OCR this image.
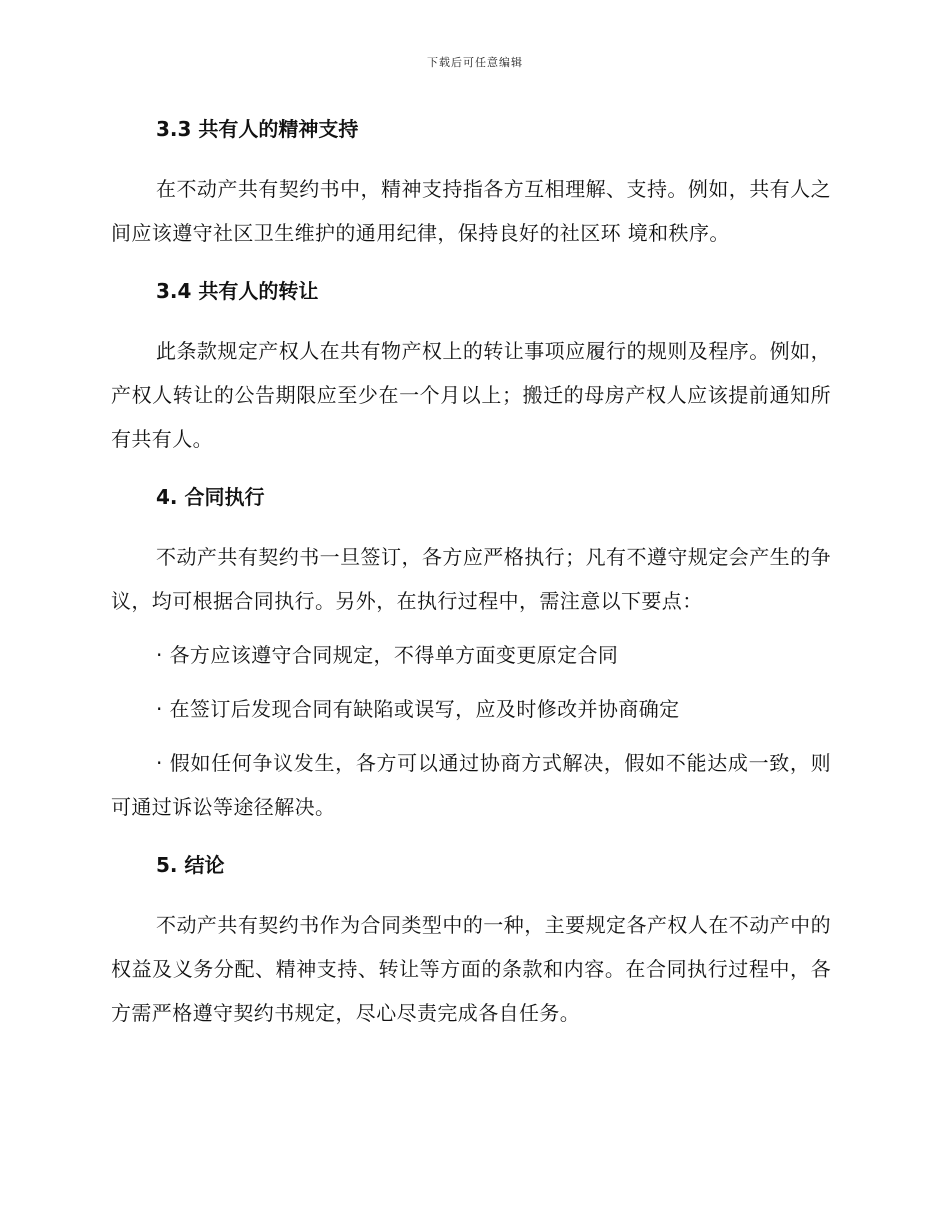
下载后可任意编辑
3.3 共有人的精神支持

在不动产共有契约书中，精神支持指各方互相理解、支持。例如，共有人之间应该遵守社区卫生维护的通用纪律，保持良好的社区环 境和秩序。

3.4 共有人的转让

此条款规定产权人在共有物产权上的转让事项应履行的规则及程序。例如，产权人转让的公告期限应至少在一个月以上；搬迁的母房产权人应该提前通知所有共有人。

4. 合同执行

不动产共有契约书一旦签订，各方应严格执行；凡有不遵守规定会产生的争议，均可根据合同执行。另外，在执行过程中，需注意以下要点：

· 各方应该遵守合同规定，不得单方面变更原定合同

· 在签订后发现合同有缺陷或误写，应及时修改并协商确定

· 假如任何争议发生，各方可以通过协商方式解决，假如不能达成一致，则可通过诉讼等途径解决。

5. 结论

不动产共有契约书作为合同类型中的一种，主要规定各产权人在不动产中的权益及义务分配、精神支持、转让等方面的条款和内容。在合同执行过程中，各方需严格遵守契约书规定，尽心尽责完成各自任务。
